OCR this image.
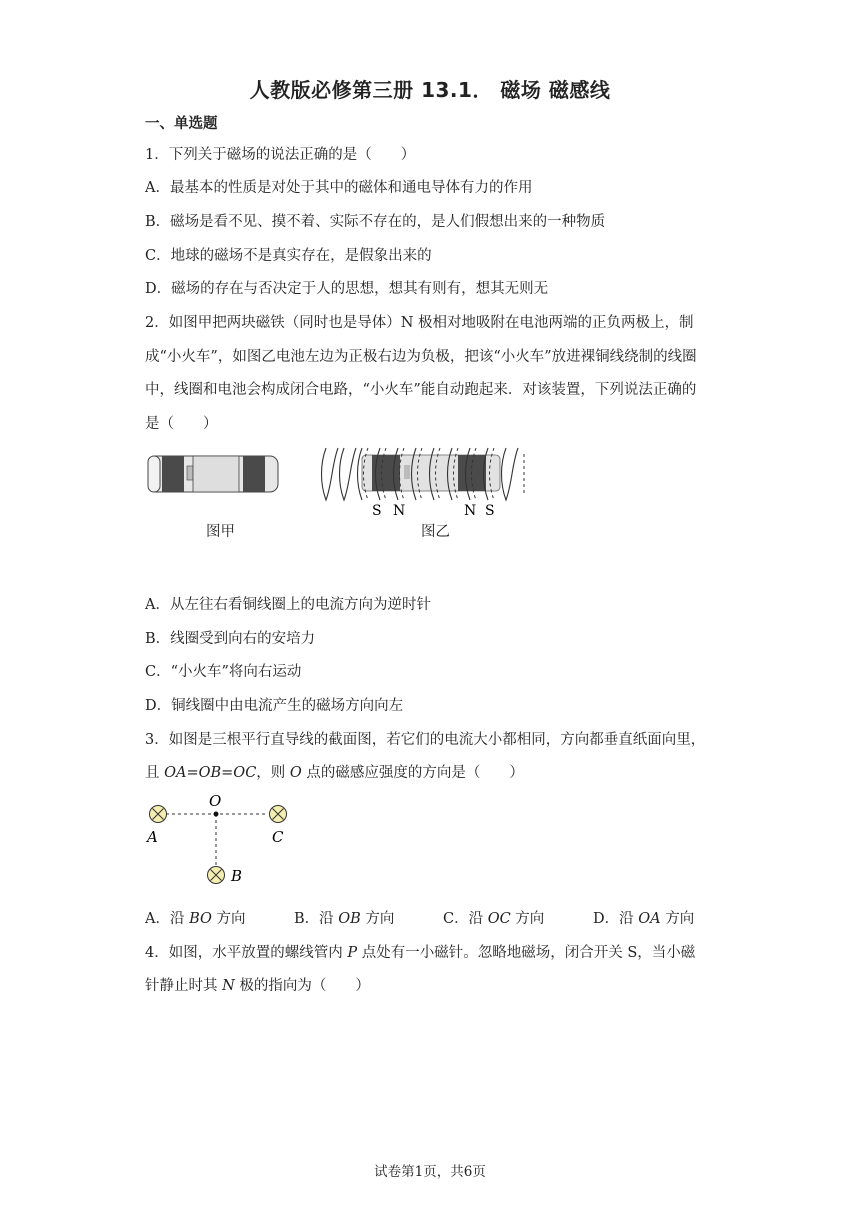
人教版必修第三册 13.1． 磁场 磁感线
一、单选题
1．下列关于磁场的说法正确的是（　　）
A．最基本的性质是对处于其中的磁体和通电导体有力的作用
B．磁场是看不见、摸不着、实际不存在的，是人们假想出来的一种物质
C．地球的磁场不是真实存在，是假象出来的
D．磁场的存在与否决定于人的思想，想其有则有，想其无则无
2．如图甲把两块磁铁（同时也是导体）N 极相对地吸附在电池两端的正负两极上，制
成“小火车”，如图乙电池左边为正极右边为负极，把该“小火车”放进裸铜线绕制的线圈
中，线圈和电池会构成闭合电路，“小火车”能自动跑起来．对该装置，下列说法正确的
是（　　）
图甲
S N	N S
图乙
A．从左往右看铜线圈上的电流方向为逆时针
B．线圈受到向右的安培力
C．“小火车”将向右运动
D．铜线圈中由电流产生的磁场方向向左
3．如图是三根平行直导线的截面图，若它们的电流大小都相同，方向都垂直纸面向里，
且 OA=OB=OC，则 O 点的磁感应强度的方向是（　　）
O
A	C
B
A．沿 BO 方向	B．沿 OB 方向	C．沿 OC 方向	D．沿 OA 方向
4．如图，水平放置的螺线管内 P 点处有一小磁针。忽略地磁场，闭合开关 S，当小磁
针静止时其 N 极的指向为（　　）
试卷第1页，共6页
